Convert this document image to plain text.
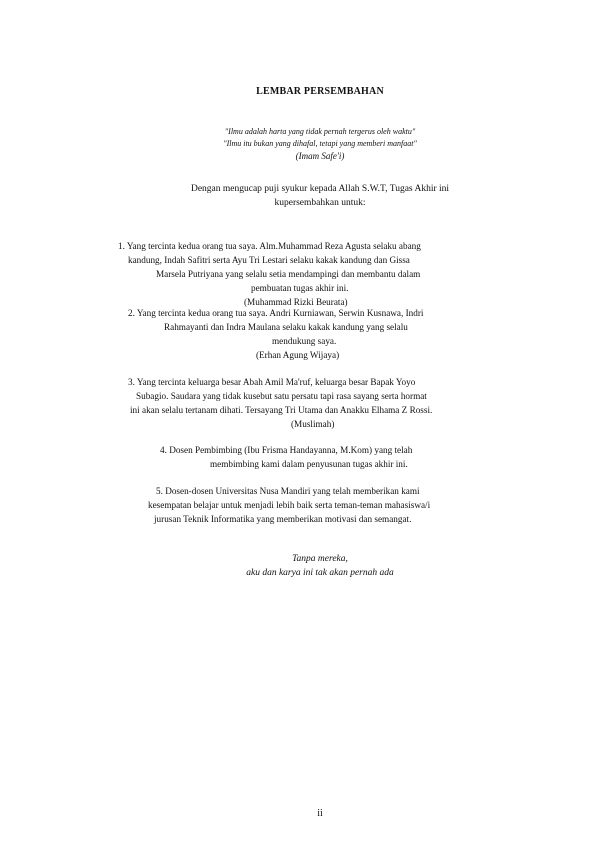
LEMBAR PERSEMBAHAN
"Ilmu adalah harta yang tidak pernah tergerus oleh waktu"
"Ilmu itu bukan yang dihafal, tetapi yang memberi manfaat"
(Imam Safe'i)
Dengan mengucap puji syukur kepada Allah S.W.T, Tugas Akhir ini
kupersembahkan untuk:
1. Yang tercinta kedua orang tua saya. Alm.Muhammad Reza Agusta selaku abang
kandung, Indah Safitri serta Ayu Tri Lestari selaku kakak kandung dan Gissa
Marsela Putriyana yang selalu setia mendampingi dan membantu dalam
pembuatan tugas akhir ini.
(Muhammad Rizki Beurata)
2. Yang tercinta kedua orang tua saya. Andri Kurniawan, Serwin Kusnawa, Indri
Rahmayanti dan Indra Maulana selaku kakak kandung yang selalu
mendukung saya.
(Erhan Agung Wijaya)
3. Yang tercinta keluarga besar Abah Amil Ma'ruf, keluarga besar Bapak Yoyo
Subagio. Saudara yang tidak kusebut satu persatu tapi rasa sayang serta hormat
ini akan selalu tertanam dihati. Tersayang Tri Utama dan Anakku Elhama Z Rossi.
(Muslimah)
4. Dosen Pembimbing (Ibu Frisma Handayanna, M.Kom) yang telah
membimbing kami dalam penyusunan tugas akhir ini.
5. Dosen-dosen Universitas Nusa Mandiri yang telah memberikan kami
kesempatan belajar untuk menjadi lebih baik serta teman-teman mahasiswa/i
jurusan Teknik Informatika yang memberikan motivasi dan semangat.
Tanpa mereka,
aku dan karya ini tak akan pernah ada
ii
